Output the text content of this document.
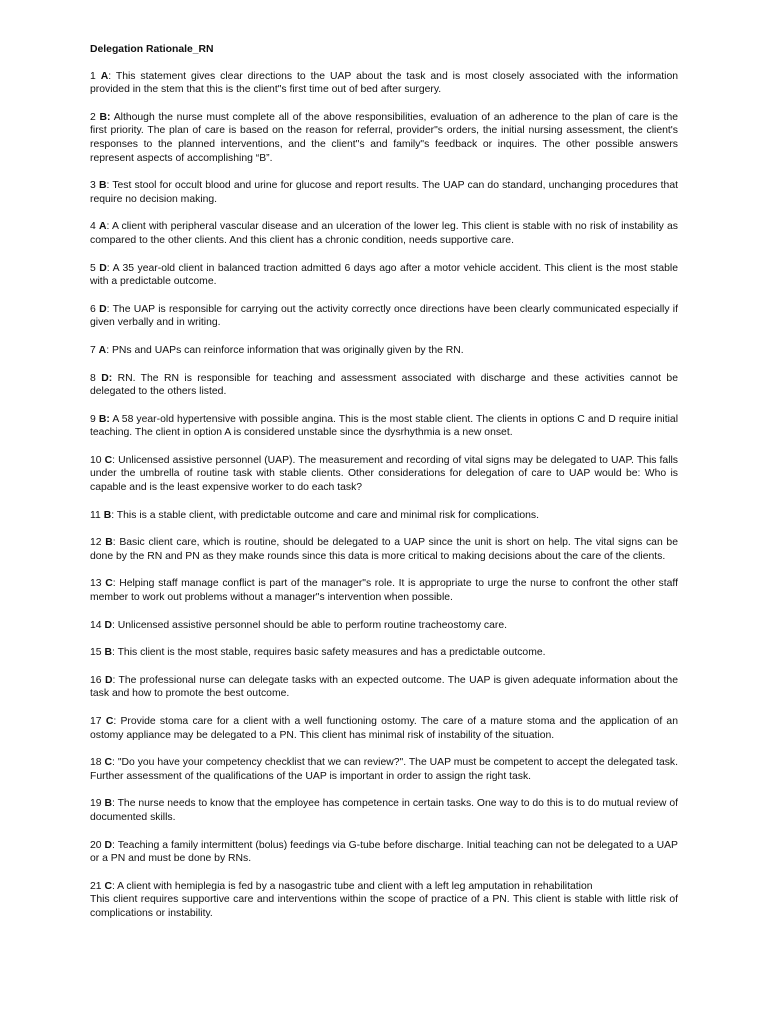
Delegation Rationale_RN
1 A: This statement gives clear directions to the UAP about the task and is most closely associated with the information provided in the stem that this is the client"s first time out of bed after surgery.
2 B: Although the nurse must complete all of the above responsibilities, evaluation of an adherence to the plan of care is the first priority. The plan of care is based on the reason for referral, provider"s orders, the initial nursing assessment, the client's responses to the planned interventions, and the client"s and family"s feedback or inquires. The other possible answers represent aspects of accomplishing “B”.
3 B: Test stool for occult blood and urine for glucose and report results. The UAP can do standard, unchanging procedures that require no decision making.
4 A: A client with peripheral vascular disease and an ulceration of the lower leg. This client is stable with no risk of instability as compared to the other clients. And this client has a chronic condition, needs supportive care.
5 D: A 35 year-old client in balanced traction admitted 6 days ago after a motor vehicle accident. This client is the most stable with a predictable outcome.
6 D: The UAP is responsible for carrying out the activity correctly once directions have been clearly communicated especially if given verbally and in writing.
7 A: PNs and UAPs can reinforce information that was originally given by the RN.
8 D: RN. The RN is responsible for teaching and assessment associated with discharge and these activities cannot be delegated to the others listed.
9 B: A 58 year-old hypertensive with possible angina. This is the most stable client. The clients in options C and D require initial teaching. The client in option A is considered unstable since the dysrhythmia is a new onset.
10 C: Unlicensed assistive personnel (UAP). The measurement and recording of vital signs may be delegated to UAP. This falls under the umbrella of routine task with stable clients. Other considerations for delegation of care to UAP would be: Who is capable and is the least expensive worker to do each task?
11 B: This is a stable client, with predictable outcome and care and minimal risk for complications.
12 B: Basic client care, which is routine, should be delegated to a UAP since the unit is short on help. The vital signs can be done by the RN and PN as they make rounds since this data is more critical to making decisions about the care of the clients.
13 C: Helping staff manage conflict is part of the manager"s role. It is appropriate to urge the nurse to confront the other staff member to work out problems without a manager"s intervention when possible.
14 D: Unlicensed assistive personnel should be able to perform routine tracheostomy care.
15 B: This client is the most stable, requires basic safety measures and has a predictable outcome.
16 D: The professional nurse can delegate tasks with an expected outcome. The UAP is given adequate information about the task and how to promote the best outcome.
17 C: Provide stoma care for a client with a well functioning ostomy. The care of a mature stoma and the application of an ostomy appliance may be delegated to a PN. This client has minimal risk of instability of the situation.
18 C: "Do you have your competency checklist that we can review?". The UAP must be competent to accept the delegated task. Further assessment of the qualifications of the UAP is important in order to assign the right task.
19 B: The nurse needs to know that the employee has competence in certain tasks. One way to do this is to do mutual review of documented skills.
20 D: Teaching a family intermittent (bolus) feedings via G-tube before discharge. Initial teaching can not be delegated to a UAP or a PN and must be done by RNs.
21 C: A client with hemiplegia is fed by a nasogastric tube and client with a left leg amputation in rehabilitation
This client requires supportive care and interventions within the scope of practice of a PN. This client is stable with little risk of complications or instability.
